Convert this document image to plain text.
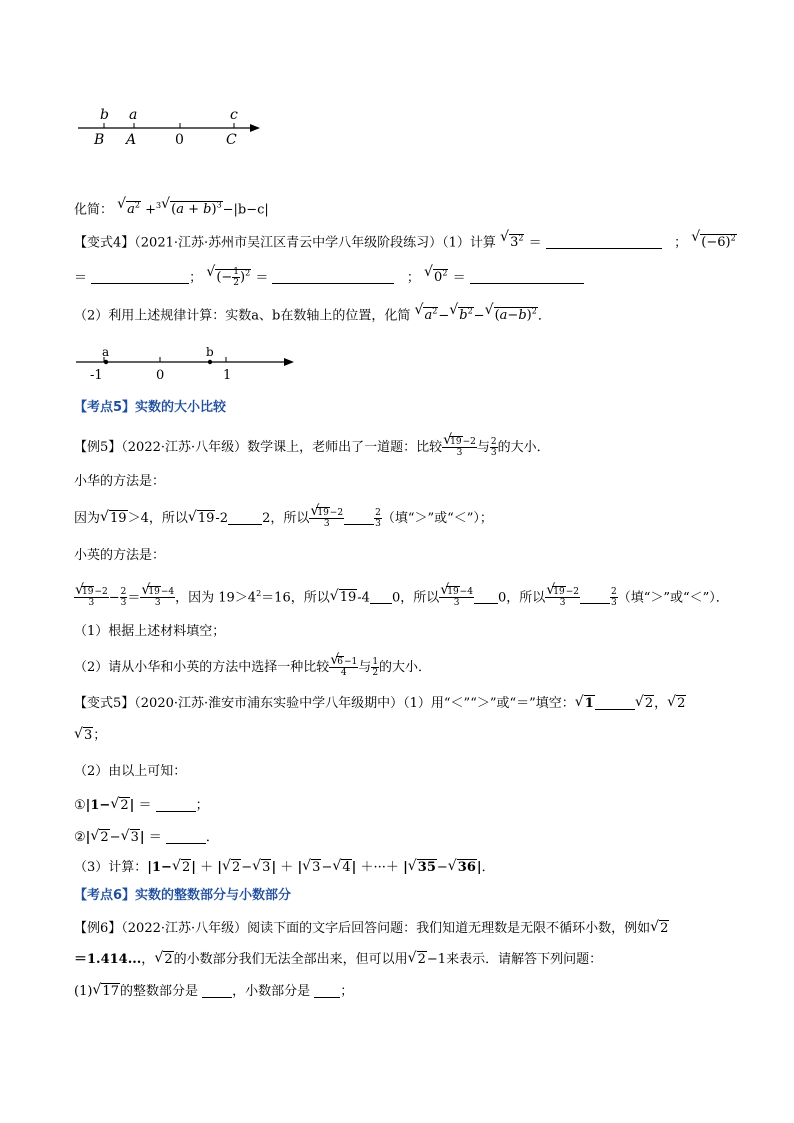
b a	c
B A	0	C
化简： √ $a^2 +^3√$ $(a + b)^3-|b-c|$
【变式4】（2021·江苏·苏州市吴江区青云中学八年级阶段练习）（1）计算 √ $3^2$ ＝	； √ $(-6)^2$
＝	； √ (− $\frac{1}{2} )^2$ ＝	； √ $0^2$ ＝
（2）利用上述规律计算：实数a、b在数轴上的位置，化简 √ $a^2-√$ $b^2-√$ $(a-b)^2$．
a	b
-1	0	1
【考点5】实数的大小比较
【例5】（2022·江苏·八年级）数学课上，老师出了一道题：比较
√ $\frac{19-2}{3}$ 与 $\frac{2}{3}$ 的大小．
小华的方法是：
因为√ 19＞4，所以√ 19-2	2，所以
√ $\frac{19-2}{3}$	$\frac{2}{3}$ （填“＞”或“＜”）；
小英的方法是：
√ $\frac{19-2}{3} - \frac{2}{3}$ ＝
√ $\frac{19-4}{3}$ ，因为 $19>4^2=16$，所以√ 19-4 0，所以
√ $\frac{19-4}{3} 0$，所以
√ $\frac{19-2}{3}$	$\frac{2}{3}$ （填“＞”或“＜”）．
（1）根据上述材料填空；
（2）请从小华和小英的方法中选择一种比较
√ $\frac{6-1}{4}$ 与 $\frac{1}{2}$ 的大小．
【变式5】（2020·江苏·淮安市浦东实验中学八年级期中）（1）用“＜”“＞”或“＝”填空：√ 1√	2，√ 2
√ 3；
（2）由以上可知：
①|1−√ 2| ＝	；
②|√ 2−√ 3| ＝	．
（3）计算：|1−√ 2| ＋ |√ 2−√ 3| ＋ |√ 3−√ 4| ＋···＋ |√ 35−√ 36|．
【考点6】实数的整数部分与小数部分
【例6】（2022·江苏·八年级）阅读下面的文字后回答问题：我们知道无理数是无限不循环小数，例如√ 2
＝1.414...，√ 2的小数部分我们无法全部出来，但可以用√ 2−1来表示．请解答下列问题：
(1)√ 17的整数部分是	，小数部分是 ；
